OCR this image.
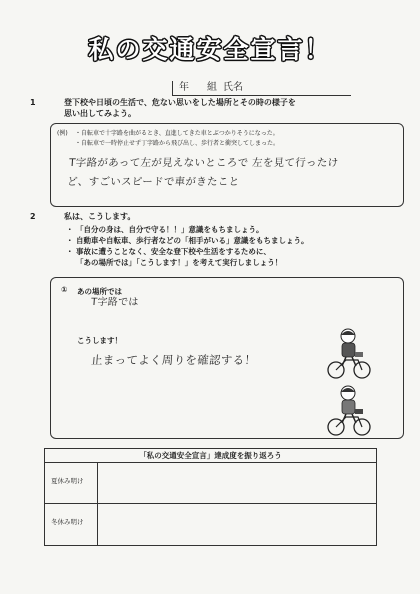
私の交通安全宣言！
年 組 氏名
1	登下校や日頃の生活で、危ない思いをした場所とその時の様子を
思い出してみよう。
(例) ・自転車で十字路を曲がるとき、直進してきた車とぶつかりそうになった。
・自転車で一時停止せず丁字路から飛び出し、歩行者と衝突してしまった。
T字路があって左が見えないところで 左を見て行ったけ
ど、すごいスピードで車がきたこと
2	私は、こうします。
・ 「自分の身は、自分で守る！！」意識をもちましょう。
・ 自動車や自転車、歩行者などの「相手がいる」意識をもちましょう。
・ 事故に遭うことなく、安全な登下校や生活をするために、
「あの場所では」「こうします！」を考えて実行しましょう！
① あの場所では
T字路では
こうします！
止まってよく周りを確認する！
「私の交通安全宣言」達成度を振り返ろう
夏休み明け
冬休み明け
